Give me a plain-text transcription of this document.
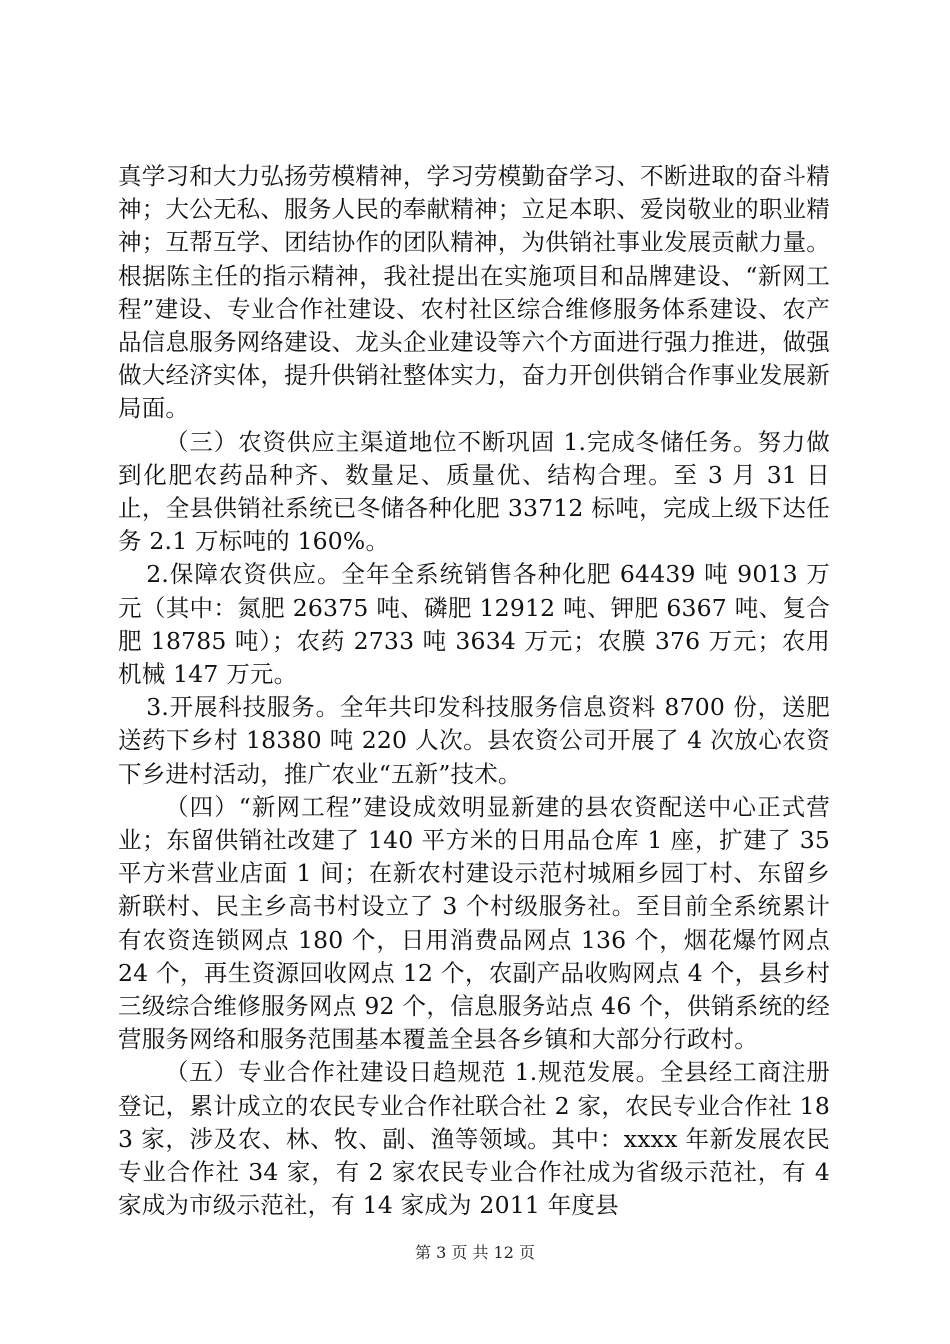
真学习和大力弘扬劳模精神，学习劳模勤奋学习、不断进取的奋斗精神；大公无私、服务人民的奉献精神；立足本职、爱岗敬业的职业精神；互帮互学、团结协作的团队精神，为供销社事业发展贡献力量。根据陈主任的指示精神，我社提出在实施项目和品牌建设、“新网工程”建设、专业合作社建设、农村社区综合维修服务体系建设、农产品信息服务网络建设、龙头企业建设等六个方面进行强力推进，做强做大经济实体，提升供销社整体实力，奋力开创供销合作事业发展新局面。

（三）农资供应主渠道地位不断巩固 1.完成冬储任务。努力做到化肥农药品种齐、数量足、质量优、结构合理。至 3 月 31 日止，全县供销社系统已冬储各种化肥 33712 标吨，完成上级下达任务 2.1 万标吨的 160%。

2.保障农资供应。全年全系统销售各种化肥 64439 吨 9013 万元（其中：氮肥 26375 吨、磷肥 12912 吨、钾肥 6367 吨、复合肥 18785 吨）；农药 2733 吨 3634 万元；农膜 376 万元；农用机械 147 万元。

3.开展科技服务。全年共印发科技服务信息资料 8700 份，送肥送药下乡村 18380 吨 220 人次。县农资公司开展了 4 次放心农资下乡进村活动，推广农业“五新”技术。

（四）“新网工程”建设成效明显新建的县农资配送中心正式营业；东留供销社改建了 140 平方米的日用品仓库 1 座，扩建了 35 平方米营业店面 1 间；在新农村建设示范村城厢乡园丁村、东留乡新联村、民主乡高书村设立了 3 个村级服务社。至目前全系统累计有农资连锁网点 180 个，日用消费品网点 136 个，烟花爆竹网点 24 个，再生资源回收网点 12 个，农副产品收购网点 4 个，县乡村三级综合维修服务网点 92 个，信息服务站点 46 个，供销系统的经营服务网络和服务范围基本覆盖全县各乡镇和大部分行政村。

（五）专业合作社建设日趋规范 1.规范发展。全县经工商注册登记，累计成立的农民专业合作社联合社 2 家，农民专业合作社 183 家，涉及农、林、牧、副、渔等领域。其中：xxxx 年新发展农民专业合作社 34 家，有 2 家农民专业合作社成为省级示范社，有 4 家成为市级示范社，有 14 家成为 2011 年度县

第 3 页 共 12 页
